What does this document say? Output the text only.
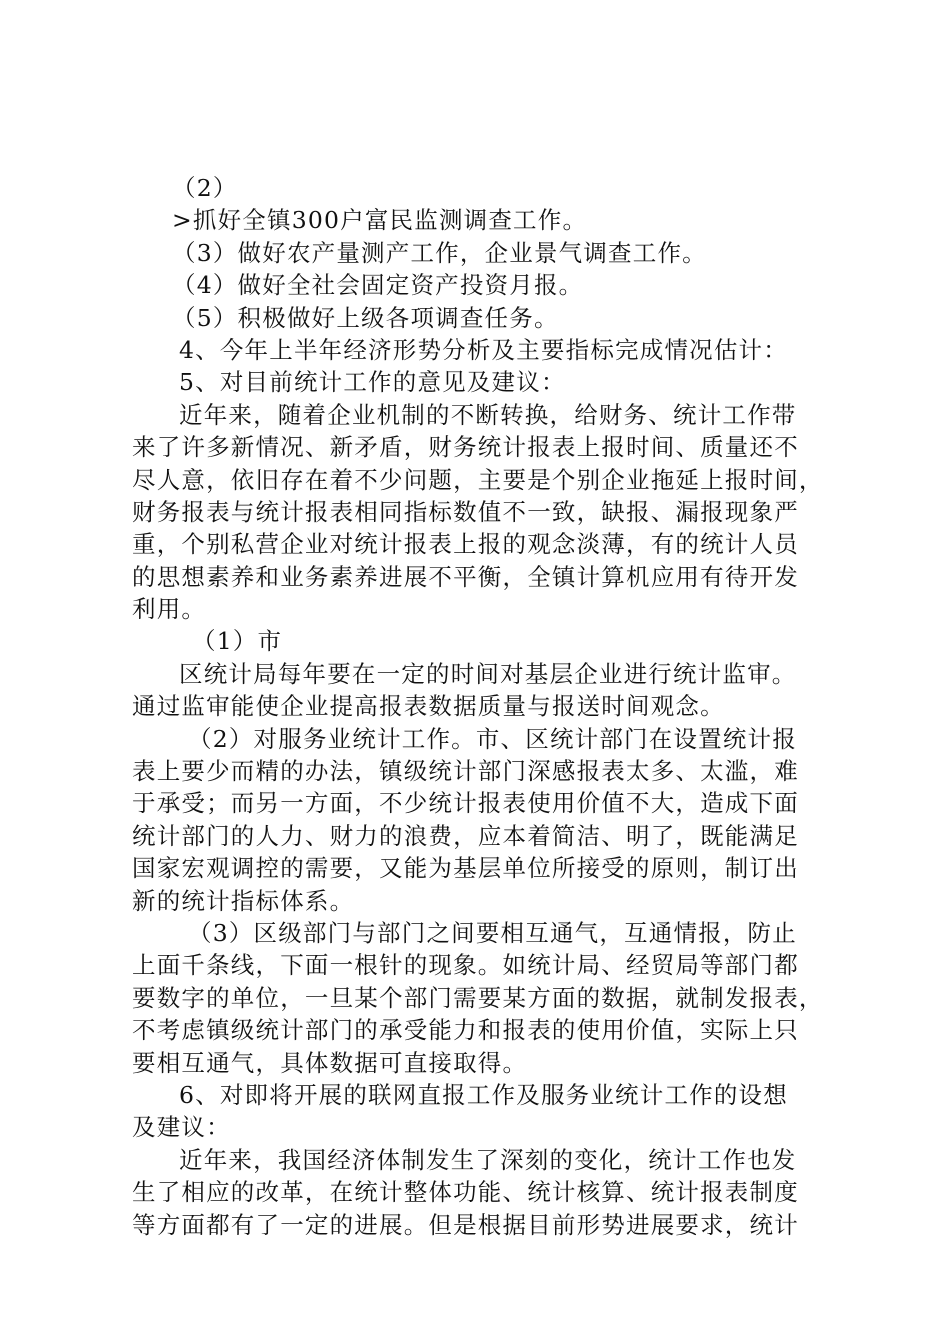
（2）
>抓好全镇300户富民监测调查工作。
（3）做好农产量测产工作，企业景气调查工作。
（4）做好全社会固定资产投资月报。
（5）积极做好上级各项调查任务。
4、今年上半年经济形势分析及主要指标完成情况估计：
5、对目前统计工作的意见及建议：
近年来，随着企业机制的不断转换，给财务、统计工作带
来了许多新情况、新矛盾，财务统计报表上报时间、质量还不
尽人意，依旧存在着不少问题，主要是个别企业拖延上报时间，
财务报表与统计报表相同指标数值不一致，缺报、漏报现象严
重，个别私营企业对统计报表上报的观念淡薄，有的统计人员
的思想素养和业务素养进展不平衡，全镇计算机应用有待开发
利用。
（1）市
区统计局每年要在一定的时间对基层企业进行统计监审。
通过监审能使企业提高报表数据质量与报送时间观念。
（2）对服务业统计工作。市、区统计部门在设置统计报
表上要少而精的办法，镇级统计部门深感报表太多、太滥，难
于承受；而另一方面，不少统计报表使用价值不大，造成下面
统计部门的人力、财力的浪费，应本着简洁、明了，既能满足
国家宏观调控的需要，又能为基层单位所接受的原则，制订出
新的统计指标体系。
（3）区级部门与部门之间要相互通气，互通情报，防止
上面千条线，下面一根针的现象。如统计局、经贸局等部门都
要数字的单位，一旦某个部门需要某方面的数据，就制发报表，
不考虑镇级统计部门的承受能力和报表的使用价值，实际上只
要相互通气，具体数据可直接取得。
6、对即将开展的联网直报工作及服务业统计工作的设想
及建议：
近年来，我国经济体制发生了深刻的变化，统计工作也发
生了相应的改革，在统计整体功能、统计核算、统计报表制度
等方面都有了一定的进展。但是根据目前形势进展要求，统计
